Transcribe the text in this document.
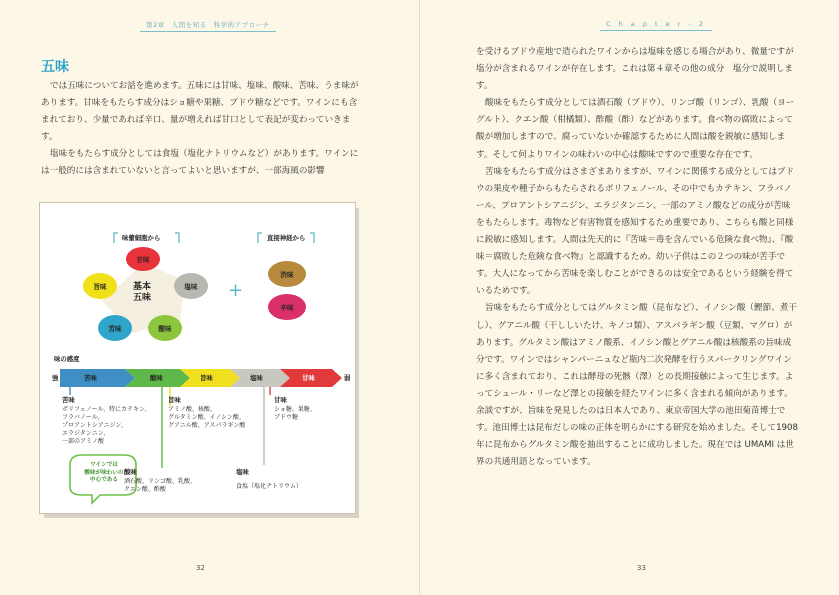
第2章　人間を知る　科学的アプローチ
五味

では五味についてお話を進めます。五味には甘味、塩味、酸味、苦味、うま味があります。甘味をもたらす成分はショ糖や果糖、ブドウ糖などです。ワインにも含まれており、少量であれば辛口、量が増えれば甘口として表記が変わっていきます。

塩味をもたらす成分としては食塩（塩化ナトリウムなど）があります。ワインには一般的には含まれていないと言ってよいと思いますが、一部海風の影響

味蕾細胞から	直接神経から
甘味
塩味
旨味
苦味	酸味
基本
五味	+
渋味
辛味
味の感度
強	弱
苦味	酸味	旨味	塩味	甘味
苦味
ポリフェノール、特にカテキン、
フラバノール、
プロアントシアニジン、
エラジタンニン、
一部のアミノ酸
旨味
アミノ酸、核酸、
グルタミン酸、イノシン酸、
グアニル酸、アスパラギン酸
甘味
ショ糖、果糖、
ブドウ糖
酸味
酒石酸、リンゴ酸、乳酸、
クエン酸、酢酸
塩味
食塩（塩化ナトリウム）
ワインでは
酸味が味わいの
中心である
32	33
C h a p t e r - 2

を受けるブドウ産地で造られたワインからは塩味を感じる場合があり、微量ですが塩分が含まれるワインが存在します。これは第４章その他の成分　塩分で説明します。

酸味をもたらす成分としては酒石酸（ブドウ）、リンゴ酸（リンゴ）、乳酸（ヨーグルト）、クエン酸（柑橘類）、酢酸（酢）などがあります。食べ物の腐敗によって酸が増加しますので、腐っていないか確認するために人間は酸を鋭敏に感知します。そして何よりワインの味わいの中心は酸味ですので重要な存在です。

苦味をもたらす成分はさまざまありますが、ワインに関係する成分としてはブドウの果皮や種子からもたらされるポリフェノール、その中でもカテキン、フラバノール、プロアントシアニジン、エラジタンニン、一部のアミノ酸などの成分が苦味をもたらします。毒物など有害物質を感知するため重要であり、こちらも酸と同様に鋭敏に感知します。人間は先天的に『苦味＝毒を含んでいる危険な食べ物』、『酸味＝腐敗した危険な食べ物』と認識するため、幼い子供はこの２つの味が苦手です。大人になってから苦味を楽しむことができるのは安全であるという経験を得ているためです。

旨味をもたらす成分としてはグルタミン酸（昆布など）、イノシン酸（鰹節、煮干し）、グアニル酸（干ししいたけ、キノコ類）、アスパラギン酸（豆類、マグロ）があります。グルタミン酸はアミノ酸系、イノシン酸とグアニル酸は核酸系の旨味成分です。ワインではシャンパーニュなど瓶内二次発酵を行うスパークリングワインに多く含まれており、これは酵母の死骸（澤）との長期接触によって生じます。よってシュール・リーなど澤との接触を経たワインに多く含まれる傾向があります。余談ですが、旨味を発見したのは日本人であり、東京帝国大学の池田菊苗博士です。池田博士は昆布だしの味の正体を明らかにする研究を始めました。そして1908 年に昆布からグルタミン酸を抽出することに成功しました。現在では UMAMI は世界の共通用語となっています。
